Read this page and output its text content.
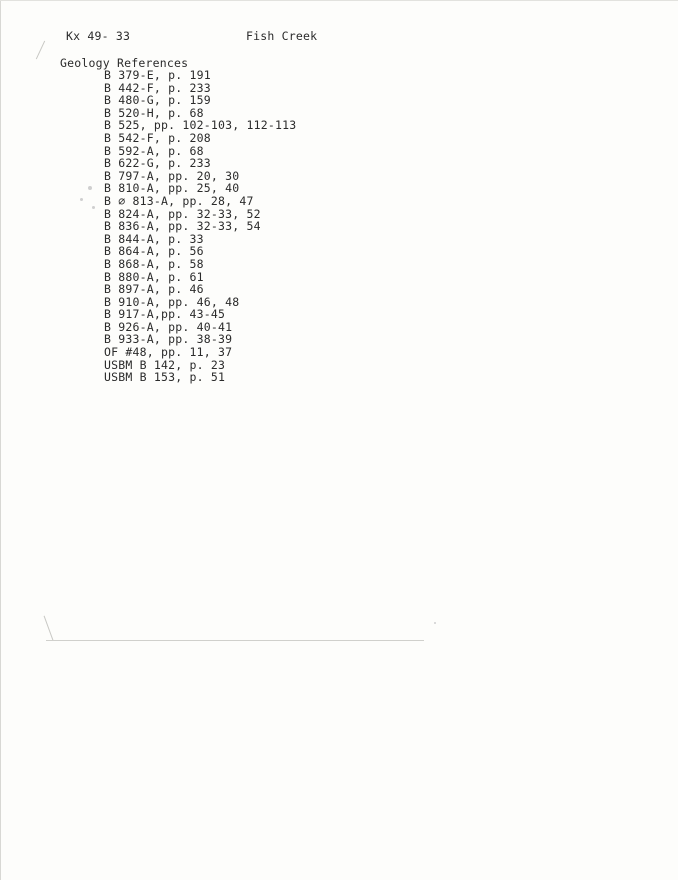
Kx 49- 33	Fish Creek
Geology References
B 379-E, p. 191
B 442-F, p. 233
B 480-G, p. 159
B 520-H, p. 68
B 525, pp. 102-103, 112-113
B 542-F, p. 208
B 592-A, p. 68
B 622-G, p. 233
B 797-A, pp. 20, 30
B 810-A, pp. 25, 40
B ∅ 813-A, pp. 28, 47
B 824-A, pp. 32-33, 52
B 836-A, pp. 32-33, 54
B 844-A, p. 33
B 864-A, p. 56
B 868-A, p. 58
B 880-A, p. 61
B 897-A, p. 46
B 910-A, pp. 46, 48
B 917-A,pp. 43-45
B 926-A, pp. 40-41
B 933-A, pp. 38-39
OF #48, pp. 11, 37
USBM B 142, p. 23
USBM B 153, p. 51
